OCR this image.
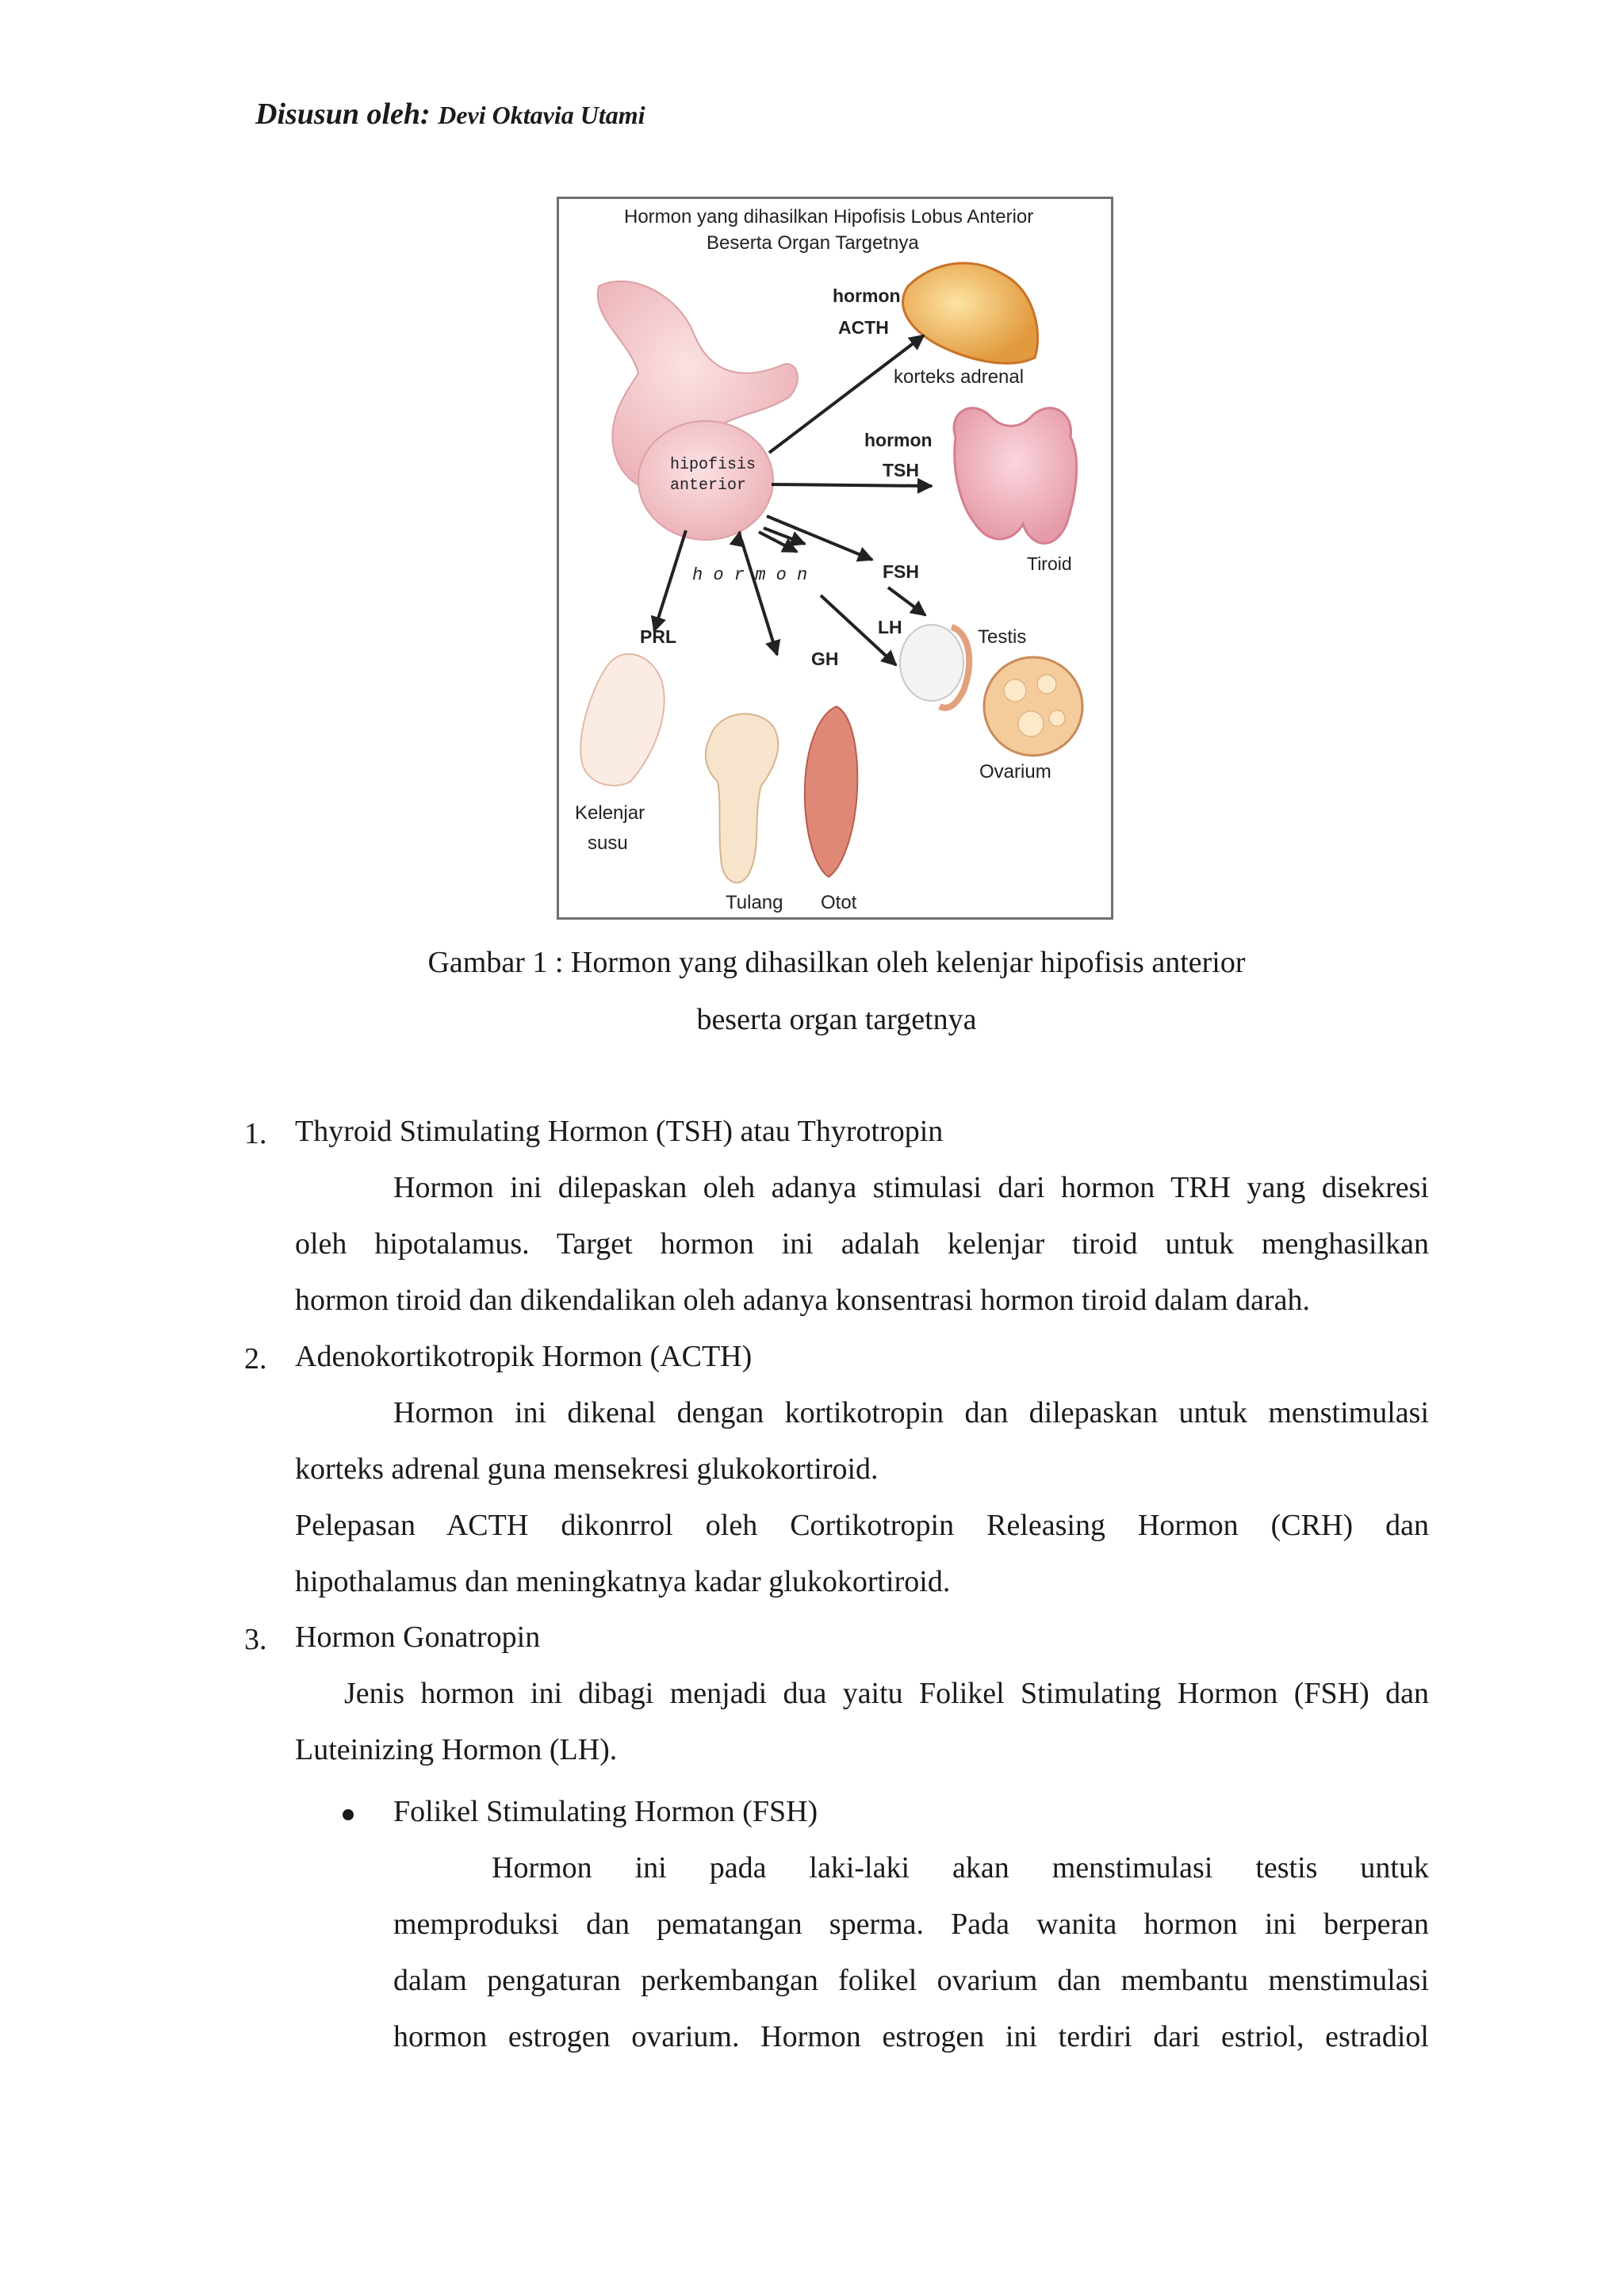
Disusun oleh: Devi Oktavia Utami
Hormon yang dihasilkan Hipofisis Lobus Anterior
Beserta Organ Targetnya
hipofisis
anterior
hormon
ACTH
korteks adrenal
hormon
TSH
Tiroid
FSH
LH	Testis
Ovarium
PRL
Kelenjar
susu
GH
Tulang Otot
h o r m o n
Gambar 1 : Hormon yang dihasilkan oleh kelenjar hipofisis anterior
beserta organ targetnya
1. Thyroid Stimulating Hormon (TSH) atau Thyrotropin
Hormon ini dilepaskan oleh adanya stimulasi dari hormon TRH yang disekresi
oleh hipotalamus. Target hormon ini adalah kelenjar tiroid untuk menghasilkan
hormon tiroid dan dikendalikan oleh adanya konsentrasi hormon tiroid dalam darah.
2. Adenokortikotropik Hormon (ACTH)
Hormon ini dikenal dengan kortikotropin dan dilepaskan untuk menstimulasi
korteks adrenal guna mensekresi glukokortiroid.
Pelepasan ACTH dikonrrol oleh Cortikotropin Releasing Hormon (CRH) dan
hipothalamus dan meningkatnya kadar glukokortiroid.
3. Hormon Gonatropin
Jenis hormon ini dibagi menjadi dua yaitu Folikel Stimulating Hormon (FSH) dan
Luteinizing Hormon (LH).
Folikel Stimulating Hormon (FSH)
Hormon ini pada laki-laki akan menstimulasi testis untuk
memproduksi dan pematangan sperma. Pada wanita hormon ini berperan
dalam pengaturan perkembangan folikel ovarium dan membantu menstimulasi
hormon estrogen ovarium. Hormon estrogen ini terdiri dari estriol, estradiol
